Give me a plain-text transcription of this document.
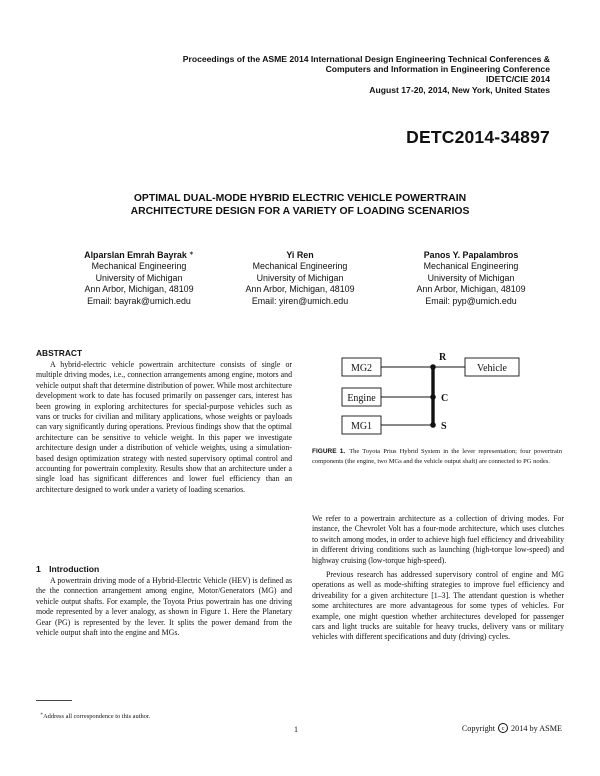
Proceedings of the ASME 2014 International Design Engineering Technical Conferences &
Computers and Information in Engineering Conference
IDETC/CIE 2014
August 17-20, 2014, New York, United States
DETC2014-34897
OPTIMAL DUAL-MODE HYBRID ELECTRIC VEHICLE POWERTRAIN
ARCHITECTURE DESIGN FOR A VARIETY OF LOADING SCENARIOS
Alparslan Emrah Bayrak ∗
Mechanical Engineering
University of Michigan
Ann Arbor, Michigan, 48109
Email: bayrak@umich.edu
Yi Ren
Mechanical Engineering
University of Michigan
Ann Arbor, Michigan, 48109
Email: yiren@umich.edu
Panos Y. Papalambros
Mechanical Engineering
University of Michigan
Ann Arbor, Michigan, 48109
Email: pyp@umich.edu
ABSTRACT
A hybrid-electric vehicle powertrain architecture consists of single or multiple driving modes, i.e., connection arrangements among engine, motors and vehicle output shaft that determine distribution of power. While most architecture development work to date has focused primarily on passenger cars, interest has been growing in exploring architectures for special-purpose vehicles such as vans or trucks for civilian and military applications, whose weights or payloads can vary significantly during operations. Previous findings show that the optimal architecture can be sensitive to vehicle weight. In this paper we investigate architecture design under a distribution of vehicle weights, using a simulation-based design optimization strategy with nested supervisory optimal control and accounting for powertrain complexity. Results show that an architecture under a single load has significant differences and lower fuel efficiency than an architecture designed to work under a variety of loading scenarios.
1 Introduction
A powertrain driving mode of a Hybrid-Electric Vehicle (HEV) is defined as the the connection arrangement among engine, Motor/Generators (MG) and vehicle output shafts. For example, the Toyota Prius powertrain has one driving mode represented by a lever analogy, as shown in Figure 1. Here the Planetary Gear (PG) is represented by the lever. It splits the power demand from the vehicle output shaft into the engine and MGs.
∗Address all correspondence to this author.
MG2
Engine
MG1
Vehicle
R
C
S
FIGURE 1. The Toyota Prius Hybrid System in the lever representation; four powertrain components (the engine, two MGs and the vehicle output shaft) are connected to PG nodes.

We refer to a powertrain architecture as a collection of driving modes. For instance, the Chevrolet Volt has a four-mode architecture, which uses clutches to switch among modes, in order to achieve high fuel efficiency and driveability in different driving conditions such as launching (high-torque low-speed) and highway cruising (low-torque high-speed).

Previous research has addressed supervisory control of engine and MG operations as well as mode-shifting strategies to improve fuel efficiency and driveability for a given architecture [1–3]. The attendant question is whether some architectures are more advantageous for some types of vehicles. For example, one might question whether architectures developed for passenger cars and light trucks are suitable for heavy trucks, delivery vans or military vehicles with different specifications and duty (driving) cycles.

1	Copyright	c 2014 by ASME
